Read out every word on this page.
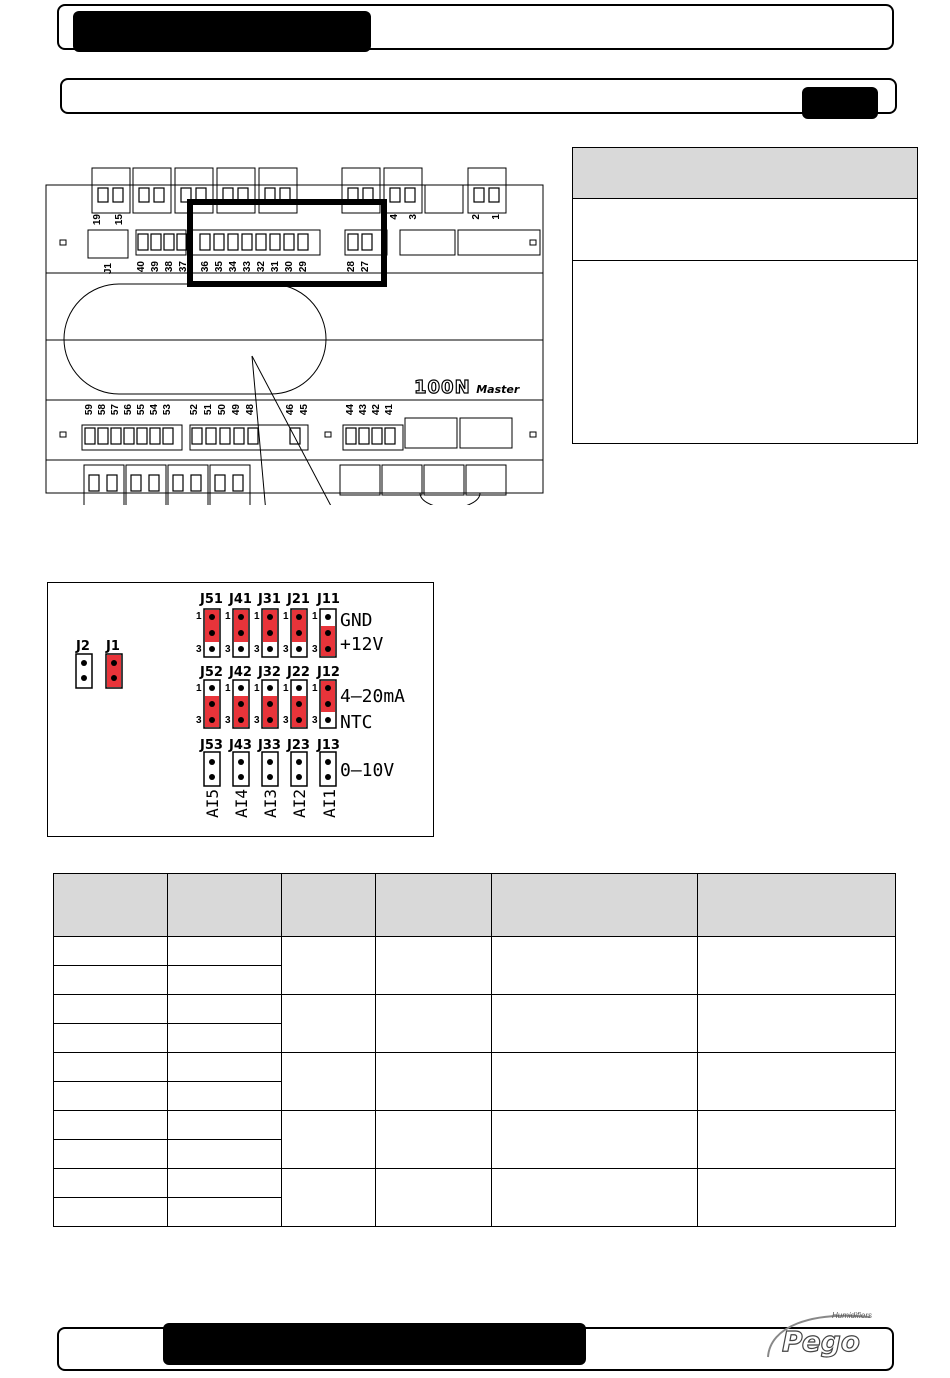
19 15
40 39 38 37 36 35 34 33 32 31 30 29	28 27
4 3	2 1
J1
100N Master
59 58 57 56 55 54 53 52 51 50 49 48	46 45	44 43 42 41
J2 J1
J51 J41 J31 J21 J11
J52 J42 J32 J22 J12
J53 J43 J33 J23 J13
1
3
1
3
1
3
1
3
1
3
1
3
1
3
1
3
1
3
1
3
GND
+12V
4–20mA
NTC
0–10V
AI5 AI4 AI3 AI2 AI1

Humidifiers
Pego
